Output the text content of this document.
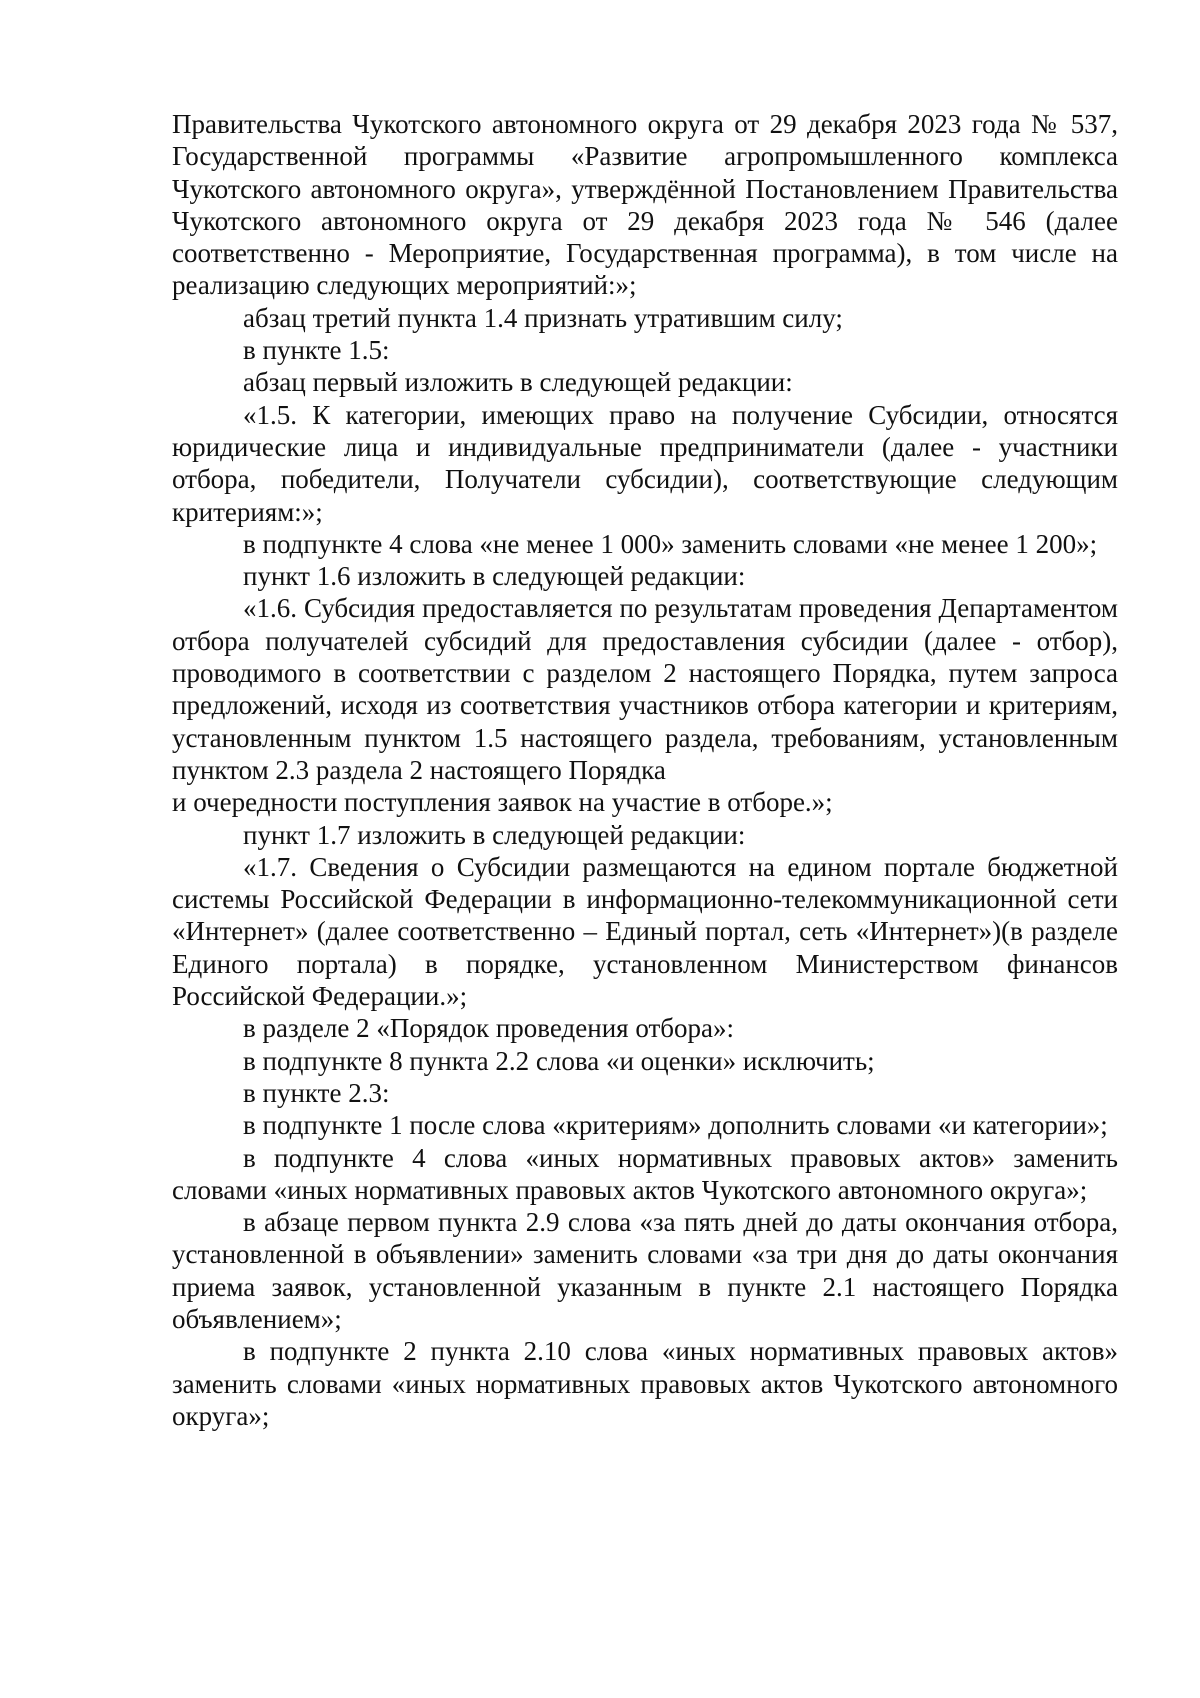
Правительства Чукотского автономного округа от 29 декабря 2023 года № 537, Государственной программы «Развитие агропромышленного комплекса Чукотского автономного округа», утверждённой Постановлением Правительства Чукотского автономного округа от 29 декабря 2023 года № 546 (далее соответственно - Мероприятие, Государственная программа), в том числе на реализацию следующих мероприятий:»;

абзац третий пункта 1.4 признать утратившим силу;

в пункте 1.5:

абзац первый изложить в следующей редакции:

«1.5. К категории, имеющих право на получение Субсидии, относятся юридические лица и индивидуальные предприниматели (далее - участники отбора, победители, Получатели субсидии), соответствующие следующим критериям:»;

в подпункте 4 слова «не менее 1 000» заменить словами «не менее 1 200»;

пункт 1.6 изложить в следующей редакции:

«1.6. Субсидия предоставляется по результатам проведения Департаментом отбора получателей субсидий для предоставления субсидии (далее - отбор), проводимого в соответствии с разделом 2 настоящего Порядка, путем запроса предложений, исходя из соответствия участников отбора категории и критериям, установленным пунктом 1.5 настоящего раздела, требованиям, установленным пунктом 2.3 раздела 2 настоящего Порядка

и очередности поступления заявок на участие в отборе.»;

пункт 1.7 изложить в следующей редакции:

«1.7. Сведения о Субсидии размещаются на едином портале бюджетной системы Российской Федерации в информационно-телекоммуникационной сети «Интернет» (далее соответственно – Единый портал, сеть «Интернет»)(в разделе Единого портала) в порядке, установленном Министерством финансов Российской Федерации.»;

в разделе 2 «Порядок проведения отбора»:

в подпункте 8 пункта 2.2 слова «и оценки» исключить;

в пункте 2.3:

в подпункте 1 после слова «критериям» дополнить словами «и категории»;

в подпункте 4 слова «иных нормативных правовых актов» заменить словами «иных нормативных правовых актов Чукотского автономного округа»;

в абзаце первом пункта 2.9 слова «за пять дней до даты окончания отбора, установленной в объявлении» заменить словами «за три дня до даты окончания приема заявок, установленной указанным в пункте 2.1 настоящего Порядка объявлением»;

в подпункте 2 пункта 2.10 слова «иных нормативных правовых актов» заменить словами «иных нормативных правовых актов Чукотского автономного округа»;
